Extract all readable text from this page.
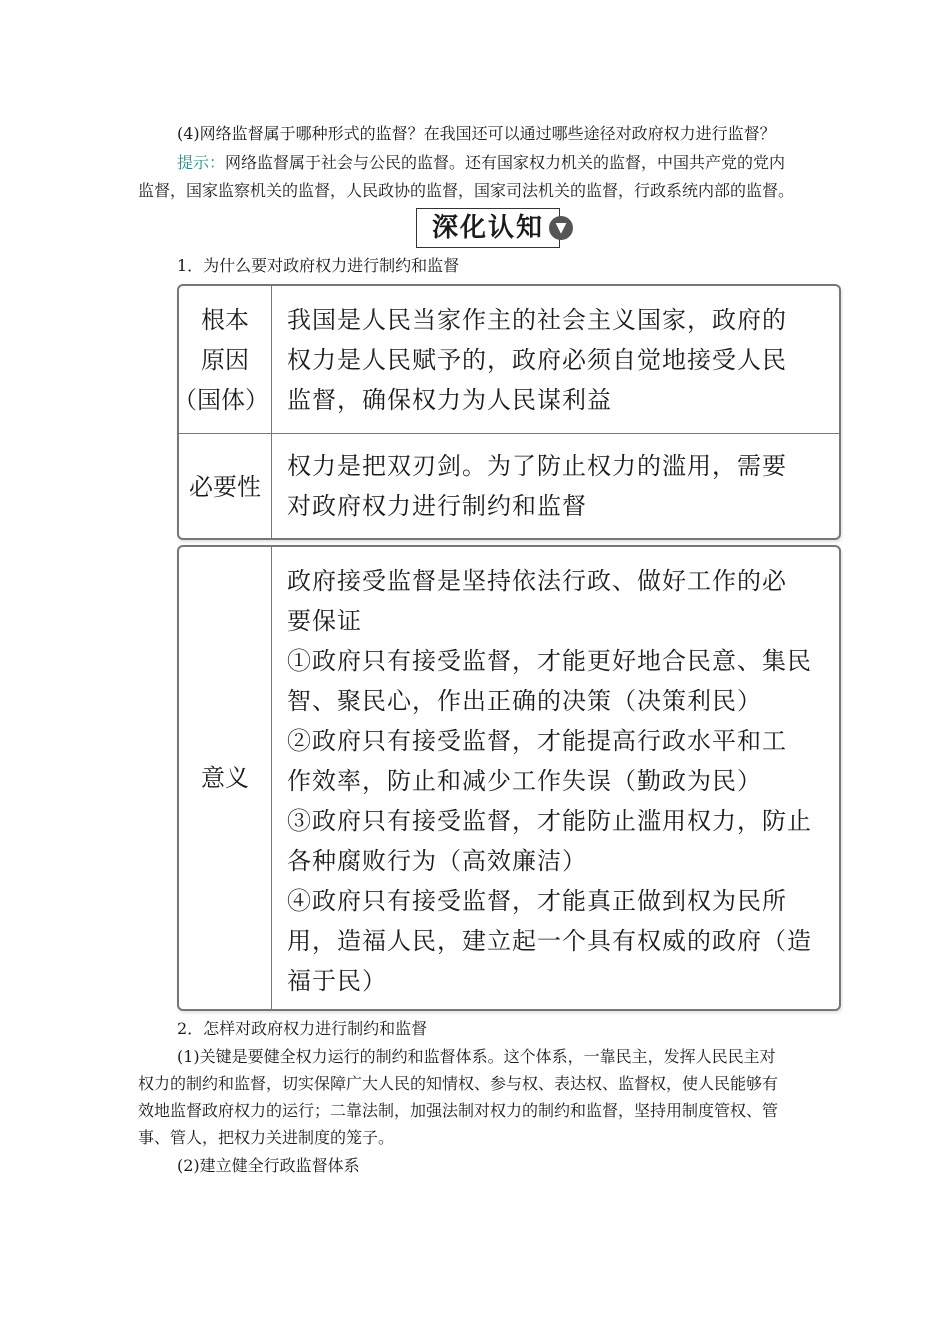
(4)网络监督属于哪种形式的监督？在我国还可以通过哪些途径对政府权力进行监督？
提示：网络监督属于社会与公民的监督。还有国家权力机关的监督，中国共产党的党内
监督，国家监察机关的监督，人民政协的监督，国家司法机关的监督，行政系统内部的监督。
深化认知 ▼
1．为什么要对政府权力进行制约和监督
根本
原因
（国体）
我国是人民当家作主的社会主义国家，政府的
权力是人民赋予的，政府必须自觉地接受人民
监督，确保权力为人民谋利益
必要性
权力是把双刃剑。为了防止权力的滥用，需要
对政府权力进行制约和监督
意义
政府接受监督是坚持依法行政、做好工作的必
要保证
①政府只有接受监督，才能更好地合民意、集民
智、聚民心，作出正确的决策（决策利民）
②政府只有接受监督，才能提高行政水平和工
作效率，防止和减少工作失误（勤政为民）
③政府只有接受监督，才能防止滥用权力，防止
各种腐败行为（高效廉洁）
④政府只有接受监督，才能真正做到权为民所
用，造福人民，建立起一个具有权威的政府（造
福于民）
2．怎样对政府权力进行制约和监督
(1)关键是要健全权力运行的制约和监督体系。这个体系，一靠民主，发挥人民民主对
权力的制约和监督，切实保障广大人民的知情权、参与权、表达权、监督权，使人民能够有
效地监督政府权力的运行；二靠法制，加强法制对权力的制约和监督，坚持用制度管权、管
事、管人，把权力关进制度的笼子。
(2)建立健全行政监督体系
